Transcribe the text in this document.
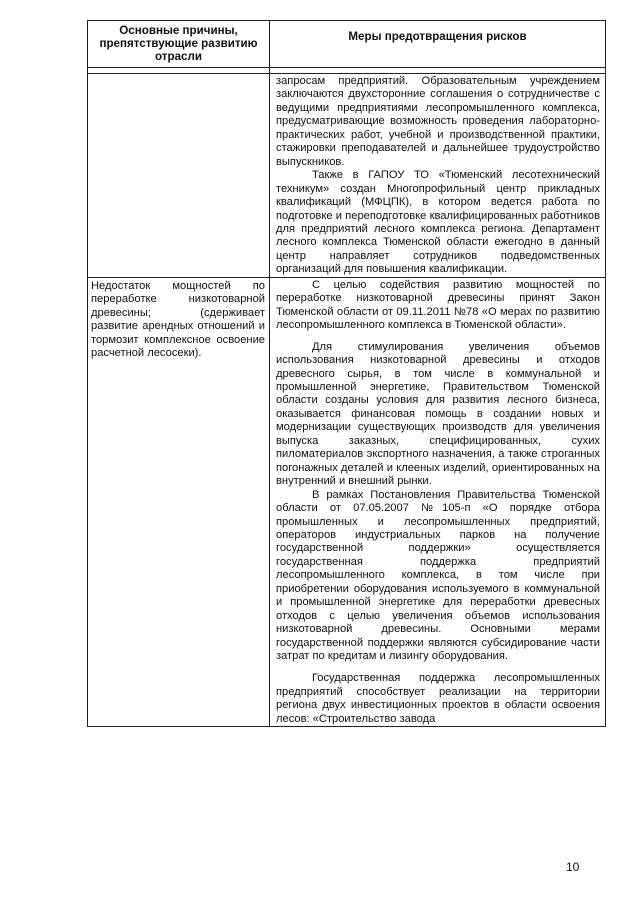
Основные причины, препятствующие развитию отрасли	Меры предотвращения рисков

	запросам предприятий. Образовательным учреждением заключаются двухсторонние соглашения о сотрудничестве с ведущими предприятиями лесопромышленного комплекса, предусматривающие возможность проведения лабораторно-практических работ, учебной и производственной практики, стажировки преподавателей и дальнейшее трудоустройство выпускников.

Также в ГАПОУ ТО «Тюменский лесотехнический техникум» создан Многопрофильный центр прикладных квалификаций (МФЦПК), в котором ведется работа по подготовке и переподготовке квалифицированных работников для предприятий лесного комплекса региона. Департамент лесного комплекса Тюменской области ежегодно в данный центр направляет сотрудников подведомственных организаций для повышения квалификации.

Недостаток мощностей по переработке низкотоварной древесины; (сдерживает развитие арендных отношений и тормозит комплексное освоение расчетной лесосеки).	С целью содействия развитию мощностей по переработке низкотоварной древесины принят Закон Тюменской области от 09.11.2011 №78 «О мерах по развитию лесопромышленного комплекса в Тюменской области».

Для стимулирования увеличения объемов использования низкотоварной древесины и отходов древесного сырья, в том числе в коммунальной и промышленной энергетике, Правительством Тюменской области созданы условия для развития лесного бизнеса, оказывается финансовая помощь в создании новых и модернизации существующих производств для увеличения выпуска заказных, специфицированных, сухих пиломатериалов экспортного назначения, а также строганных погонажных деталей и клееных изделий, ориентированных на внутренний и внешний рынки.

В рамках Постановления Правительства Тюменской области от 07.05.2007 №105-п «О порядке отбора промышленных и лесопромышленных предприятий, операторов индустриальных парков на получение государственной поддержки» осуществляется государственная поддержка предприятий лесопромышленного комплекса, в том числе при приобретении оборудования используемого в коммунальной и промышленной энергетике для переработки древесных отходов с целью увеличения объемов использования низкотоварной древесины. Основными мерами государственной поддержки являются субсидирование части затрат по кредитам и лизингу оборудования.

Государственная поддержка лесопромышленных предприятий способствует реализации на территории региона двух инвестиционных проектов в области освоения лесов: «Строительство завода

10
